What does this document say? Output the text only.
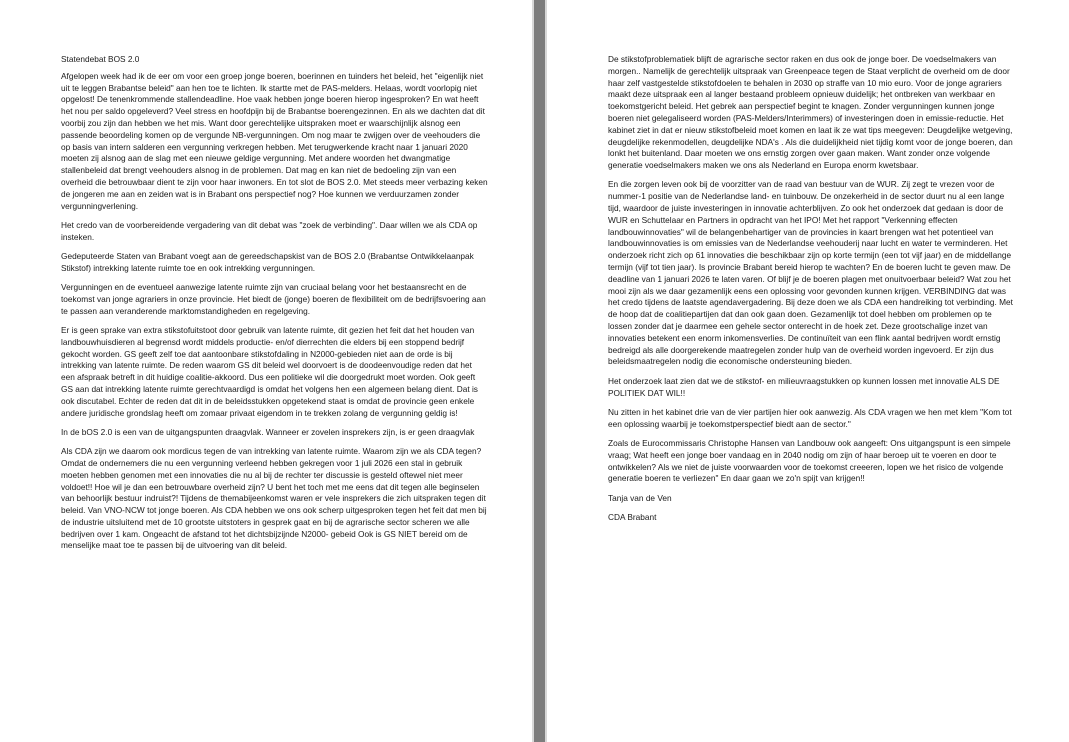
Statendebat BOS 2.0

Afgelopen week had ik de eer om voor een groep jonge boeren, boerinnen en tuinders het beleid, het "eigenlijk niet uit te leggen Brabantse beleid" aan hen toe te lichten. Ik startte met de PAS-melders. Helaas, wordt voorlopig niet opgelost! De tenenkrommende stallendeadline. Hoe vaak hebben jonge boeren hierop ingesproken? En wat heeft het nou per saldo opgeleverd? Veel stress en hoofdpijn bij de Brabantse boerengezinnen. En als we dachten dat dit voorbij zou zijn dan hebben we het mis. Want door gerechtelijke uitspraken moet er waarschijnlijk alsnog een passende beoordeling komen op de vergunde NB-vergunningen. Om nog maar te zwijgen over de veehouders die op basis van intern salderen een vergunning verkregen hebben. Met terugwerkende kracht naar 1 januari 2020 moeten zij alsnog aan de slag met een nieuwe geldige vergunning. Met andere woorden het dwangmatige stallenbeleid dat brengt veehouders alsnog in de problemen. Dat mag en kan niet de bedoeling zijn van een overheid die betrouwbaar dient te zijn voor haar inwoners. En tot slot de BOS 2.0. Met steeds meer verbazing keken de jongeren me aan en zeiden wat is in Brabant ons perspectief nog? Hoe kunnen we verduurzamen zonder vergunningverlening.

Het credo van de voorbereidende vergadering van dit debat was "zoek de verbinding". Daar willen we als CDA op insteken.

Gedeputeerde Staten van Brabant voegt aan de gereedschapskist van de BOS 2.0 (Brabantse Ontwikkelaanpak Stikstof) intrekking latente ruimte toe en ook intrekking vergunningen.

Vergunningen en de eventueel aanwezige latente ruimte zijn van cruciaal belang voor het bestaansrecht en de toekomst van jonge agrariers in onze provincie. Het biedt de (jonge) boeren de flexibiliteit om de bedrijfsvoering aan te passen aan veranderende marktomstandigheden en regelgeving.

Er is geen sprake van extra stikstofuitstoot door gebruik van latente ruimte, dit gezien het feit dat het houden van landbouwhuisdieren al begrensd wordt middels productie- en/of dierrechten die elders bij een stoppend bedrijf gekocht worden. GS geeft zelf toe dat aantoonbare stikstofdaling in N2000-gebieden niet aan de orde is bij intrekking van latente ruimte. De reden waarom GS dit beleid wel doorvoert is de doodeenvoudige reden dat het een afspraak betreft in dit huidige coalitie-akkoord. Dus een politieke wil die doorgedrukt moet worden. Ook geeft GS aan dat intrekking latente ruimte gerechtvaardigd is omdat het volgens hen een algemeen belang dient. Dat is ook discutabel. Echter de reden dat dit in de beleidsstukken opgetekend staat is omdat de provincie geen enkele andere juridische grondslag heeft om zomaar privaat eigendom in te trekken zolang de vergunning geldig is!

In de bOS 2.0 is een van de uitgangspunten draagvlak. Wanneer er zovelen insprekers zijn, is er geen draagvlak

Als CDA zijn we daarom ook mordicus tegen de van intrekking van latente ruimte. Waarom zijn we als CDA tegen? Omdat de ondernemers die nu een vergunning verleend hebben gekregen voor 1 juli 2026 een stal in gebruik moeten hebben genomen met een innovaties die nu al bij de rechter ter discussie is gesteld oftewel niet meer voldoet!! Hoe wil je dan een betrouwbare overheid zijn? U bent het toch met me eens dat dit tegen alle beginselen van behoorlijk bestuur indruist?! Tijdens de themabijeenkomst waren er vele insprekers die zich uitspraken tegen dit beleid. Van VNO-NCW tot jonge boeren. Als CDA hebben we ons ook scherp uitgesproken tegen het feit dat men bij de industrie uitsluitend met de 10 grootste uitstoters in gesprek gaat en bij de agrarische sector scheren we alle bedrijven over 1 kam. Ongeacht de afstand tot het dichtsbijzijnde N2000- gebeid Ook is GS NIET bereid om de menselijke maat toe te passen bij de uitvoering van dit beleid.

De stikstofproblematiek blijft de agrarische sector raken en dus ook de jonge boer. De voedselmakers van morgen.. Namelijk de gerechtelijk uitspraak van Greenpeace tegen de Staat verplicht de overheid om de door haar zelf vastgestelde stikstofdoelen te behalen in 2030 op straffe van 10 mio euro. Voor de jonge agrariers maakt deze uitspraak een al langer bestaand probleem opnieuw duidelijk; het ontbreken van werkbaar en toekomstgericht beleid. Het gebrek aan perspectief begint te knagen. Zonder vergunningen kunnen jonge boeren niet gelegaliseerd worden (PAS-Melders/Interimmers) of investeringen doen in emissie-reductie. Het kabinet ziet in dat er nieuw stikstofbeleid moet komen en laat ik ze wat tips meegeven: Deugdelijke wetgeving, deugdelijke rekenmodellen, deugdelijke NDA's . Als die duidelijkheid niet tijdig komt voor de jonge boeren, dan lonkt het buitenland. Daar moeten we ons ernstig zorgen over gaan maken. Want zonder onze volgende generatie voedselmakers maken we ons als Nederland en Europa enorm kwetsbaar.

En die zorgen leven ook bij de voorzitter van de raad van bestuur van de WUR. Zij zegt te vrezen voor de nummer-1 positie van de Nederlandse land- en tuinbouw. De onzekerheid in de sector duurt nu al een lange tijd, waardoor de juiste investeringen in innovatie achterblijven. Zo ook het onderzoek dat gedaan is door de WUR en Schuttelaar en Partners in opdracht van het IPO! Met het rapport "Verkenning effecten landbouwinnovaties" wil de belangenbehartiger van de provincies in kaart brengen wat het potentieel van landbouwinnovaties is om emissies van de Nederlandse veehouderij naar lucht en water te verminderen. Het onderzoek richt zich op 61 innovaties die beschikbaar zijn op korte termijn (een tot vijf jaar) en de middellange termijn (vijf tot tien jaar). Is provincie Brabant bereid hierop te wachten? En de boeren lucht te geven maw. De deadline van 1 januari 2026 te laten varen. Of blijf je de boeren plagen met onuitvoerbaar beleid? Wat zou het mooi zijn als we daar gezamenlijk eens een oplossing voor gevonden kunnen krijgen. VERBINDING dat was het credo tijdens de laatste agendavergadering. Bij deze doen we als CDA een handreiking tot verbinding. Met de hoop dat de coalitiepartijen dat dan ook gaan doen. Gezamenlijk tot doel hebben om problemen op te lossen zonder dat je daarmee een gehele sector onterecht in de hoek zet. Deze grootschalige inzet van innovaties betekent een enorm inkomensverlies. De continuïteit van een flink aantal bedrijven wordt ernstig bedreigd als alle doorgerekende maatregelen zonder hulp van de overheid worden ingevoerd. Er zijn dus beleidsmaatregelen nodig die economische ondersteuning bieden.

Het onderzoek laat zien dat we de stikstof- en milieuvraagstukken op kunnen lossen met innovatie ALS DE POLITIEK DAT WIL!!

Nu zitten in het kabinet drie van de vier partijen hier ook aanwezig. Als CDA vragen we hen met klem "Kom tot een oplossing waarbij je toekomstperspectief biedt aan de sector."

Zoals de Eurocommissaris Christophe Hansen van Landbouw ook aangeeft: Ons uitgangspunt is een simpele vraag; Wat heeft een jonge boer vandaag en in 2040 nodig om zijn of haar beroep uit te voeren en door te ontwikkelen? Als we niet de juiste voorwaarden voor de toekomst creeeren, lopen we het risico de volgende generatie boeren te verliezen" En daar gaan we zo'n spijt van krijgen!!

Tanja van de Ven

CDA Brabant
